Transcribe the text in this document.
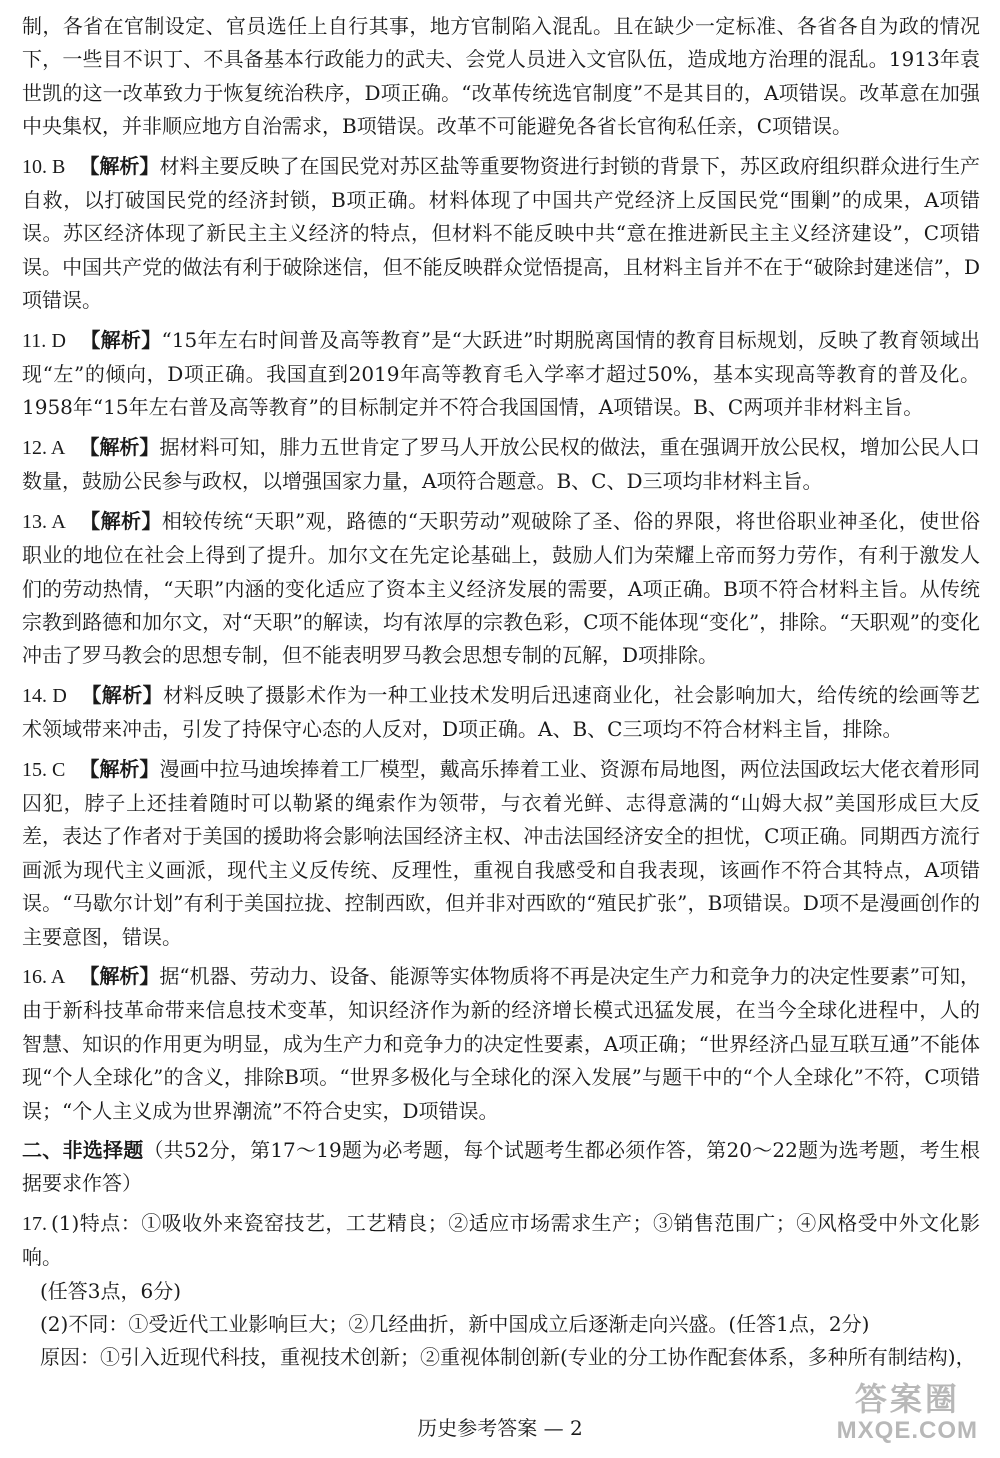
制，各省在官制设定、官员选任上自行其事，地方官制陷入混乱。且在缺少一定标准、各省各自为政的情况下，一些目不识丁、不具备基本行政能力的武夫、会党人员进入文官队伍，造成地方治理的混乱。1913年袁世凯的这一改革致力于恢复统治秩序，D项正确。“改革传统选官制度”不是其目的，A项错误。改革意在加强中央集权，并非顺应地方自治需求，B项错误。改革不可能避免各省长官徇私任亲，C项错误。

10. B 【解析】材料主要反映了在国民党对苏区盐等重要物资进行封锁的背景下，苏区政府组织群众进行生产自救，以打破国民党的经济封锁，B项正确。材料体现了中国共产党经济上反国民党“围剿”的成果，A项错误。苏区经济体现了新民主主义经济的特点，但材料不能反映中共“意在推进新民主主义经济建设”，C项错误。中国共产党的做法有利于破除迷信，但不能反映群众觉悟提高，且材料主旨并不在于“破除封建迷信”，D项错误。
11. D 【解析】“15年左右时间普及高等教育”是“大跃进”时期脱离国情的教育目标规划，反映了教育领域出现“左”的倾向，D项正确。我国直到2019年高等教育毛入学率才超过50%，基本实现高等教育的普及化。1958年“15年左右普及高等教育”的目标制定并不符合我国国情，A项错误。B、C两项并非材料主旨。
12. A 【解析】据材料可知，腓力五世肯定了罗马人开放公民权的做法，重在强调开放公民权，增加公民人口数量，鼓励公民参与政权，以增强国家力量，A项符合题意。B、C、D三项均非材料主旨。
13. A 【解析】相较传统“天职”观，路德的“天职劳动”观破除了圣、俗的界限，将世俗职业神圣化，使世俗职业的地位在社会上得到了提升。加尔文在先定论基础上，鼓励人们为荣耀上帝而努力劳作，有利于激发人们的劳动热情，“天职”内涵的变化适应了资本主义经济发展的需要，A项正确。B项不符合材料主旨。从传统宗教到路德和加尔文，对“天职”的解读，均有浓厚的宗教色彩，C项不能体现“变化”，排除。“天职观”的变化冲击了罗马教会的思想专制，但不能表明罗马教会思想专制的瓦解，D项排除。
14. D 【解析】材料反映了摄影术作为一种工业技术发明后迅速商业化，社会影响加大，给传统的绘画等艺术领域带来冲击，引发了持保守心态的人反对，D项正确。A、B、C三项均不符合材料主旨，排除。
15. C 【解析】漫画中拉马迪埃捧着工厂模型，戴高乐捧着工业、资源布局地图，两位法国政坛大佬衣着形同囚犯，脖子上还挂着随时可以勒紧的绳索作为领带，与衣着光鲜、志得意满的“山姆大叔”美国形成巨大反差，表达了作者对于美国的援助将会影响法国经济主权、冲击法国经济安全的担忧，C项正确。同期西方流行画派为现代主义画派，现代主义反传统、反理性，重视自我感受和自我表现，该画作不符合其特点，A项错误。“马歇尔计划”有利于美国拉拢、控制西欧，但并非对西欧的“殖民扩张”，B项错误。D项不是漫画创作的主要意图，错误。
16. A 【解析】据“机器、劳动力、设备、能源等实体物质将不再是决定生产力和竞争力的决定性要素”可知，由于新科技革命带来信息技术变革，知识经济作为新的经济增长模式迅猛发展，在当今全球化进程中，人的智慧、知识的作用更为明显，成为生产力和竞争力的决定性要素，A项正确；“世界经济凸显互联互通”不能体现“个人全球化”的含义，排除B项。“世界多极化与全球化的深入发展”与题干中的“个人全球化”不符，C项错误；“个人主义成为世界潮流”不符合史实，D项错误。
二、非选择题（共52分，第17～19题为必考题，每个试题考生都必须作答，第20～22题为选考题，考生根据要求作答）

17. (1)特点：①吸收外来瓷窑技艺，工艺精良；②适应市场需求生产；③销售范围广；④风格受中外文化影响。

(任答3点，6分)

(2)不同：①受近代工业影响巨大；②几经曲折，新中国成立后逐渐走向兴盛。(任答1点，2分)

原因：①引入近现代科技，重视技术创新；②重视体制创新(专业的分工协作配套体系，多种所有制结构)，

历史参考答案 — 2
答案圈
MXQE.COM
